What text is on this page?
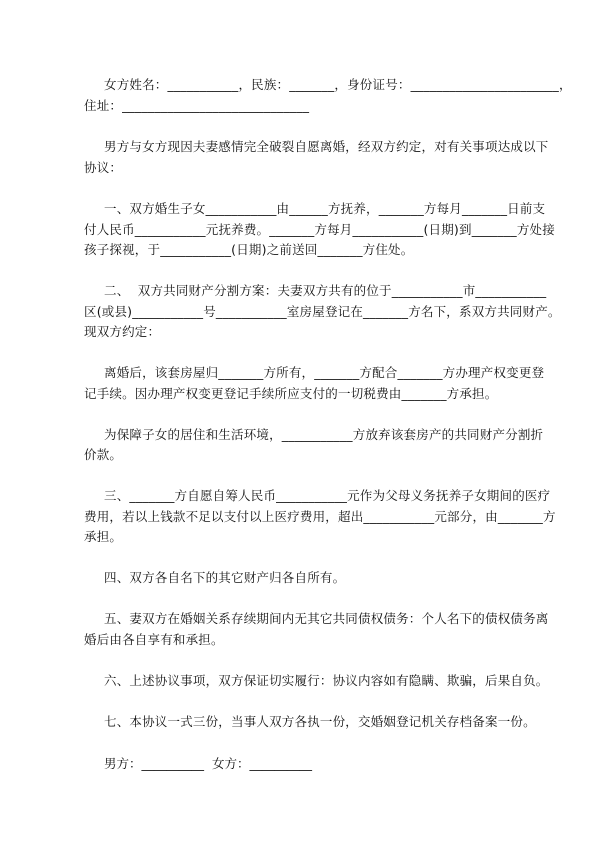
女方姓名：___________，民族：_______，身份证号：_______________________，
住址：_____________________________
男方与女方现因夫妻感情完全破裂自愿离婚，经双方约定，对有关事项达成以下
协议：
一、双方婚生子女___________由______方抚养，_______方每月_______日前支
付人民币___________元抚养费。_______方每月___________(日期)到_______方处接
孩子探视，于___________(日期)之前送回_______方住处。
二、  双方共同财产分割方案：夫妻双方共有的位于___________市___________
区(或县)___________号___________室房屋登记在_______方名下，系双方共同财产。
现双方约定：
离婚后，该套房屋归_______方所有，_______方配合_______方办理产权变更登
记手续。因办理产权变更登记手续所应支付的一切税费由_______方承担。
为保障子女的居住和生活环境，___________方放弃该套房产的共同财产分割折
价款。
三、_______方自愿自筹人民币___________元作为父母义务抚养子女期间的医疗
费用，若以上钱款不足以支付以上医疗费用，超出___________元部分，由_______方
承担。
四、双方各自名下的其它财产归各自所有。
五、妻双方在婚姻关系存续期间内无其它共同债权债务：个人名下的债权债务离
婚后由各自享有和承担。
六、上述协议事项，双方保证切实履行：协议内容如有隐瞒、欺骗，后果自负。
七、本协议一式三份，当事人双方各执一份，交婚姻登记机关存档备案一份。
男方：__________  女方：__________
